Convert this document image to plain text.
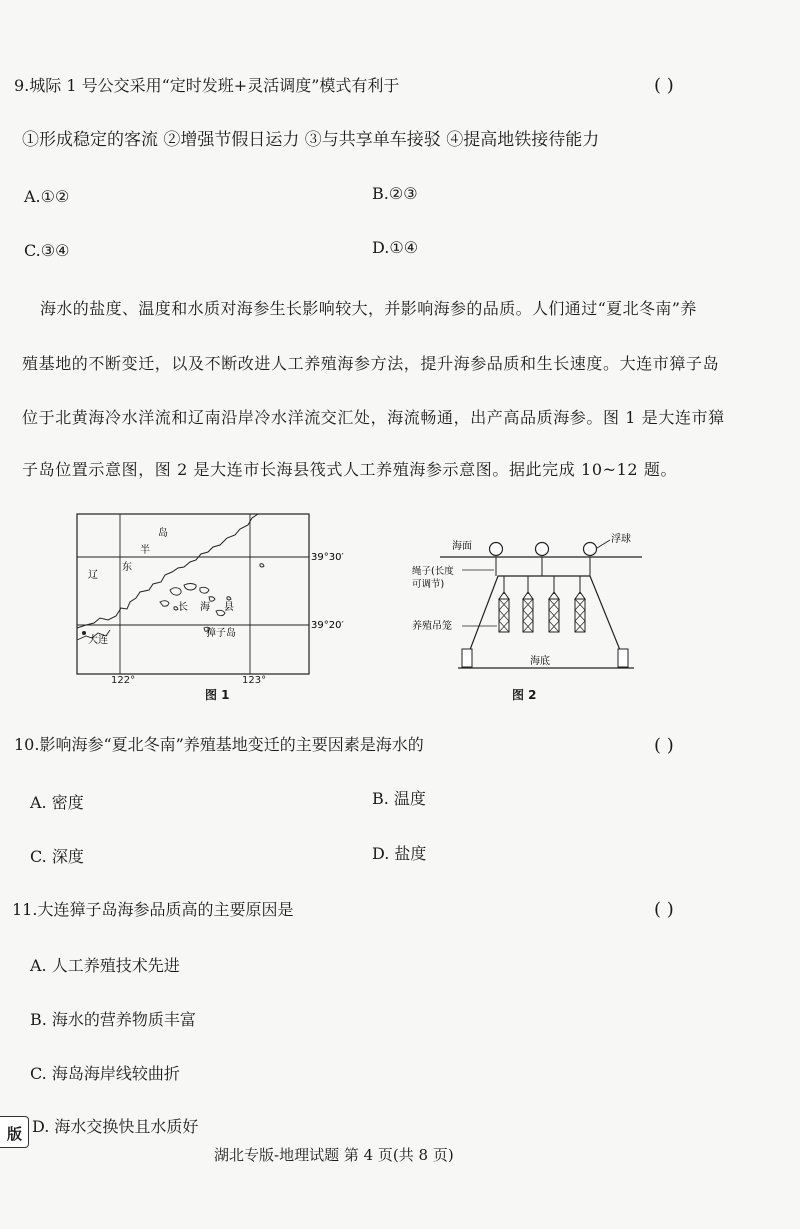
9.城际 1 号公交采用“定时发班+灵活调度”模式有利于	( )
①形成稳定的客流 ②增强节假日运力 ③与共享单车接驳 ④提高地铁接待能力
A.①②	B.②③
C.③④	D.①④
海水的盐度、温度和水质对海参生长影响较大，并影响海参的品质。人们通过“夏北冬南”养
殖基地的不断变迁，以及不断改进人工养殖海参方法，提升海参品质和生长速度。大连市獐子岛
位于北黄海冷水洋流和辽南沿岸冷水洋流交汇处，海流畅通，出产高品质海参。图 1 是大连市獐
子岛位置示意图，图 2 是大连市长海县筏式人工养殖海参示意图。据此完成 10~12 题。
岛
半
东
辽
长 海 县
獐子岛
大连
39°30′
39°20′
122°	123°
图 1
海面
浮球
绳子(长度
可调节)
养殖吊笼
海底
图 2
10.影响海参“夏北冬南”养殖基地变迁的主要因素是海水的	( )
A. 密度	B. 温度
C. 深度	D. 盐度
11.大连獐子岛海参品质高的主要原因是	( )
A. 人工养殖技术先进
B. 海水的营养物质丰富
C. 海岛海岸线较曲折
D. 海水交换快且水质好
版
湖北专版-地理试题 第 4 页(共 8 页)
